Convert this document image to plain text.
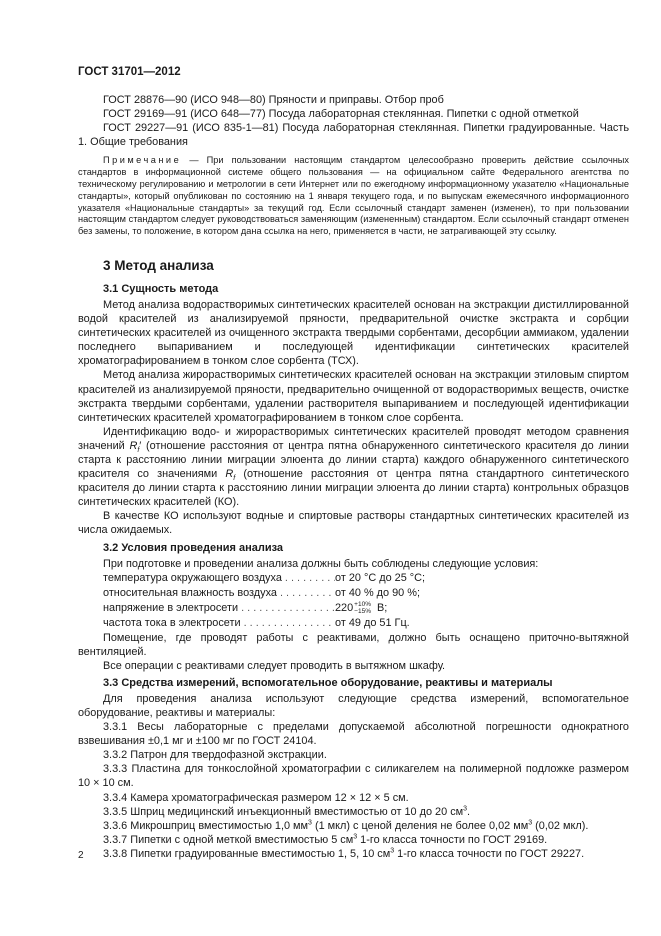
ГОСТ 31701—2012

ГОСТ 28876—90 (ИСО 948—80) Пряности и приправы. Отбор проб

ГОСТ 29169—91 (ИСО 648—77) Посуда лабораторная стеклянная. Пипетки с одной отметкой

ГОСТ 29227—91 (ИСО 835-1—81) Посуда лабораторная стеклянная. Пипетки градуированные. Часть 1. Общие требования

Примечание — При пользовании настоящим стандартом целесообразно проверить действие ссылочных стандартов в информационной системе общего пользования — на официальном сайте Федерального агентства по техническому регулированию и метрологии в сети Интернет или по ежегодному информационному указателю «Национальные стандарты», который опубликован по состоянию на 1 января текущего года, и по выпускам ежемесячного информационного указателя «Национальные стандарты» за текущий год. Если ссылочный стандарт заменен (изменен), то при пользовании настоящим стандартом следует руководствоваться заменяющим (измененным) стандартом. Если ссылочный стандарт отменен без замены, то положение, в котором дана ссылка на него, применяется в части, не затрагивающей эту ссылку.
3 Метод анализа
3.1 Сущность метода

Метод анализа водорастворимых синтетических красителей основан на экстракции дистиллированной водой красителей из анализируемой пряности, предварительной очистке экстракта и сорбции синтетических красителей из очищенного экстракта твердыми сорбентами, десорбции аммиаком, удалении последнего выпариванием и последующей идентификации синтетических красителей хроматографированием в тонком слое сорбента (ТСХ).

Метод анализа жирорастворимых синтетических красителей основан на экстракции этиловым спиртом красителей из анализируемой пряности, предварительно очищенной от водорастворимых веществ, очистке экстракта твердыми сорбентами, удалении растворителя выпариванием и последующей идентификации синтетических красителей хроматографированием в тонком слое сорбента.

Идентификацию водо- и жирорастворимых синтетических красителей проводят методом сравнения значений $R_f'$ (отношение расстояния от центра пятна обнаруженного синтетического красителя до линии старта к расстоянию линии миграции элюента до линии старта) каждого обнаруженного синтетического красителя со значениями $R_f$ (отношение расстояния от центра пятна стандартного синтетического красителя до линии старта к расстоянию линии миграции элюента до линии старта) контрольных образцов синтетических красителей (КО).

В качестве КО используют водные и спиртовые растворы стандартных синтетических красителей из числа ожидаемых.

3.2 Условия проведения анализа

При подготовке и проведении анализа должны быть соблюдены следующие условия:

температура окружающего воздуха . . .	от 20 °С до 25 °С;
относительная влажность воздуха . . .	от 40 % до 90 %;
напряжение в электросети . . .	220 +10%
−15% В;
частота тока в электросети . . .	от 49 до 51 Гц.

Помещение, где проводят работы с реактивами, должно быть оснащено приточно-вытяжной вентиляцией.

Все операции с реактивами следует проводить в вытяжном шкафу.

3.3 Средства измерений, вспомогательное оборудование, реактивы и материалы

Для проведения анализа используют следующие средства измерений, вспомогательное оборудование, реактивы и материалы:

3.3.1 Весы лабораторные с пределами допускаемой абсолютной погрешности однократного взвешивания ±0,1 мг и ±100 мг по ГОСТ 24104.

3.3.2 Патрон для твердофазной экстракции.

3.3.3 Пластина для тонкослойной хроматографии с силикагелем на полимерной подложке размером 10 × 10 см.

3.3.4 Камера хроматографическая размером 12 × 12 × 5 см.

3.3.5 Шприц медицинский инъекционный вместимостью от 10 до 20 $см^3$.

3.3.6 Микрошприц вместимостью 1,0 $мм^3$ (1 мкл) с ценой деления не более 0,02 $мм^3$ (0,02 мкл).

3.3.7 Пипетки с одной меткой вместимостью 5 $см^3$ 1-го класса точности по ГОСТ 29169.

3.3.8 Пипетки градуированные вместимостью 1, 5, 10 $см^3$ 1-го класса точности по ГОСТ 29227.

2
